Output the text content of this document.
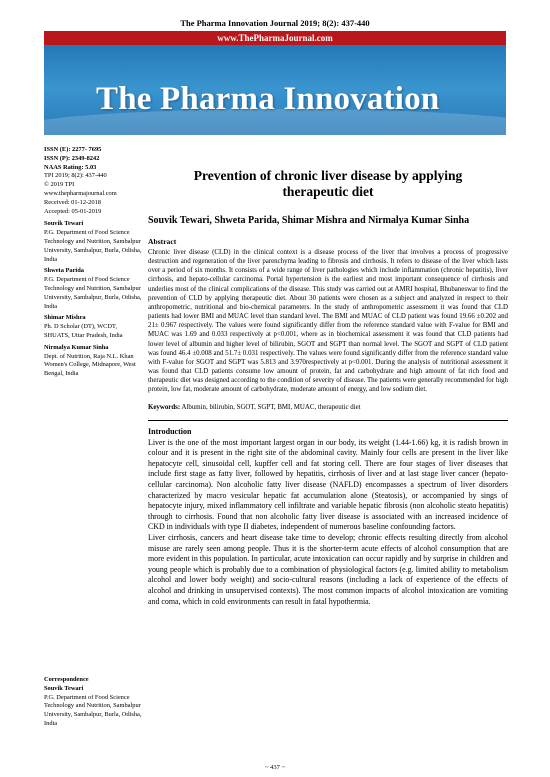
The Pharma Innovation Journal 2019; 8(2): 437-440
www.ThePharmaJournal.com
The Pharma Innovation
ISSN (E): 2277- 7695
ISSN (P): 2349-8242
NAAS Rating: 5.03
TPI 2019; 8(2): 437-440
© 2019 TPI
www.thepharmajournal.com
Received: 01-12-2018
Accepted: 05-01-2019
Souvik Tewari
P.G. Department of Food Science Technology and Nutrition, Sambalpur University, Sambalpur, Burla, Odisha, India
Shweta Parida
P.G. Department of Food Science Technology and Nutrition, Sambalpur University, Sambalpur, Burla, Odisha, India
Shimar Mishra
Ph. D Scholar (DT), WCDT, SHUATS, Uttar Pradesh, India
Nirmalya Kumar Sinha
Dept. of Nutrition, Raja N.L. Khan Women's College, Midnapore, West Bengal, India
Correspondence
Souvik Tewari
P.G. Department of Food Science Technology and Nutrition, Sambalpur University, Sambalpur, Burla, Odisha, India
Prevention of chronic liver disease by applying therapeutic diet
Souvik Tewari, Shweta Parida, Shimar Mishra and Nirmalya Kumar Sinha
Abstract

Chronic liver disease (CLD) in the clinical context is a disease process of the liver that involves a process of progressive destruction and regeneration of the liver parenchyma leading to fibrosis and cirrhosis. It refers to disease of the liver which lasts over a period of six months. It consists of a wide range of liver pathologies which include inflammation (chronic hepatitis), liver cirrhosis, and hepato-cellular carcinoma. Portal hypertension is the earliest and most important consequence of cirrhosis and underlies most of the clinical complications of the disease. This study was carried out at AMRI hospital, Bhubaneswar to find the prevention of CLD by applying therapeutic diet. About 30 patients were chosen as a subject and analyzed in respect to their anthropometric, nutritional and bio-chemical parameters. In the study of anthropometric assessment it was found that CLD patients had lower BMI and MUAC level than standard level. The BMI and MUAC of CLD patient was found 19.66 ±0.202 and 21± 0.967 respectively. The values were found significantly differ from the reference standard value with F-value for BMI and MUAC was 1.69 and 0.033 respectively at p<0.001, where as in biochemical assessment it was found that CLD patients had lower level of albumin and higher level of bilirubin, SGOT and SGPT than normal level. The SGOT and SGPT of CLD patient was found 46.4 ±0.008 and 51.7± 0.031 respectively. The values were found significantly differ from the reference standard value with F-value for SGOT and SGPT was 5.813 and 3.970respectively at p<0.001. During the analysis of nutritional assessment it was found that CLD patients consume low amount of protein, fat and carbohydrate and high amount of fat rich food and therapeutic diet was designed according to the condition of severity of disease. The patients were generally recommended for high protein, low fat, moderate amount of carbohydrate, moderate amount of energy, and low sodium diet.

Keywords: Albumin, bilirubin, SGOT, SGPT, BMI, MUAC, therapeutic diet
Introduction

Liver is the one of the most important largest organ in our body, its weight (1.44-1.66) kg, it is radish brown in colour and it is present in the right site of the abdominal cavity. Mainly four cells are present in the liver like hepatocyte cell, sinusoidal cell, kupffer cell and fat storing cell. There are four stages of liver diseases that include first stage as fatty liver, followed by hepatitis, cirrhosis of liver and at last stage liver cancer (hepato-cellular carcinoma). Non alcoholic fatty liver disease (NAFLD) encompasses a spectrum of liver disorders characterized by macro vesicular hepatic fat accumulation alone (Steatosis), or accompanied by sings of hepatocyte injury, mixed inflammatory cell infiltrate and variable hepatic fibrosis (non alcoholic steato hepatitis) through to cirrhosis. Found that non alcoholic fatty liver disease is associated with an increased incidence of CKD in individuals with type II diabetes, independent of numerous baseline confounding factors.

Liver cirrhosis, cancers and heart disease take time to develop; chronic effects resulting directly from alcohol misuse are rarely seen among people. Thus it is the shorter-term acute effects of alcohol consumption that are more evident in this population. In particular, acute intoxication can occur rapidly and by surprise in children and young people which is probably due to a combination of physiological factors (e.g. limited ability to metabolism alcohol and lower body weight) and socio-cultural reasons (including a lack of experience of the effects of alcohol and drinking in unsupervised contexts). The most common impacts of alcohol intoxication are vomiting and coma, which in cold environments can result in fatal hypothermia.

~ 437 ~
